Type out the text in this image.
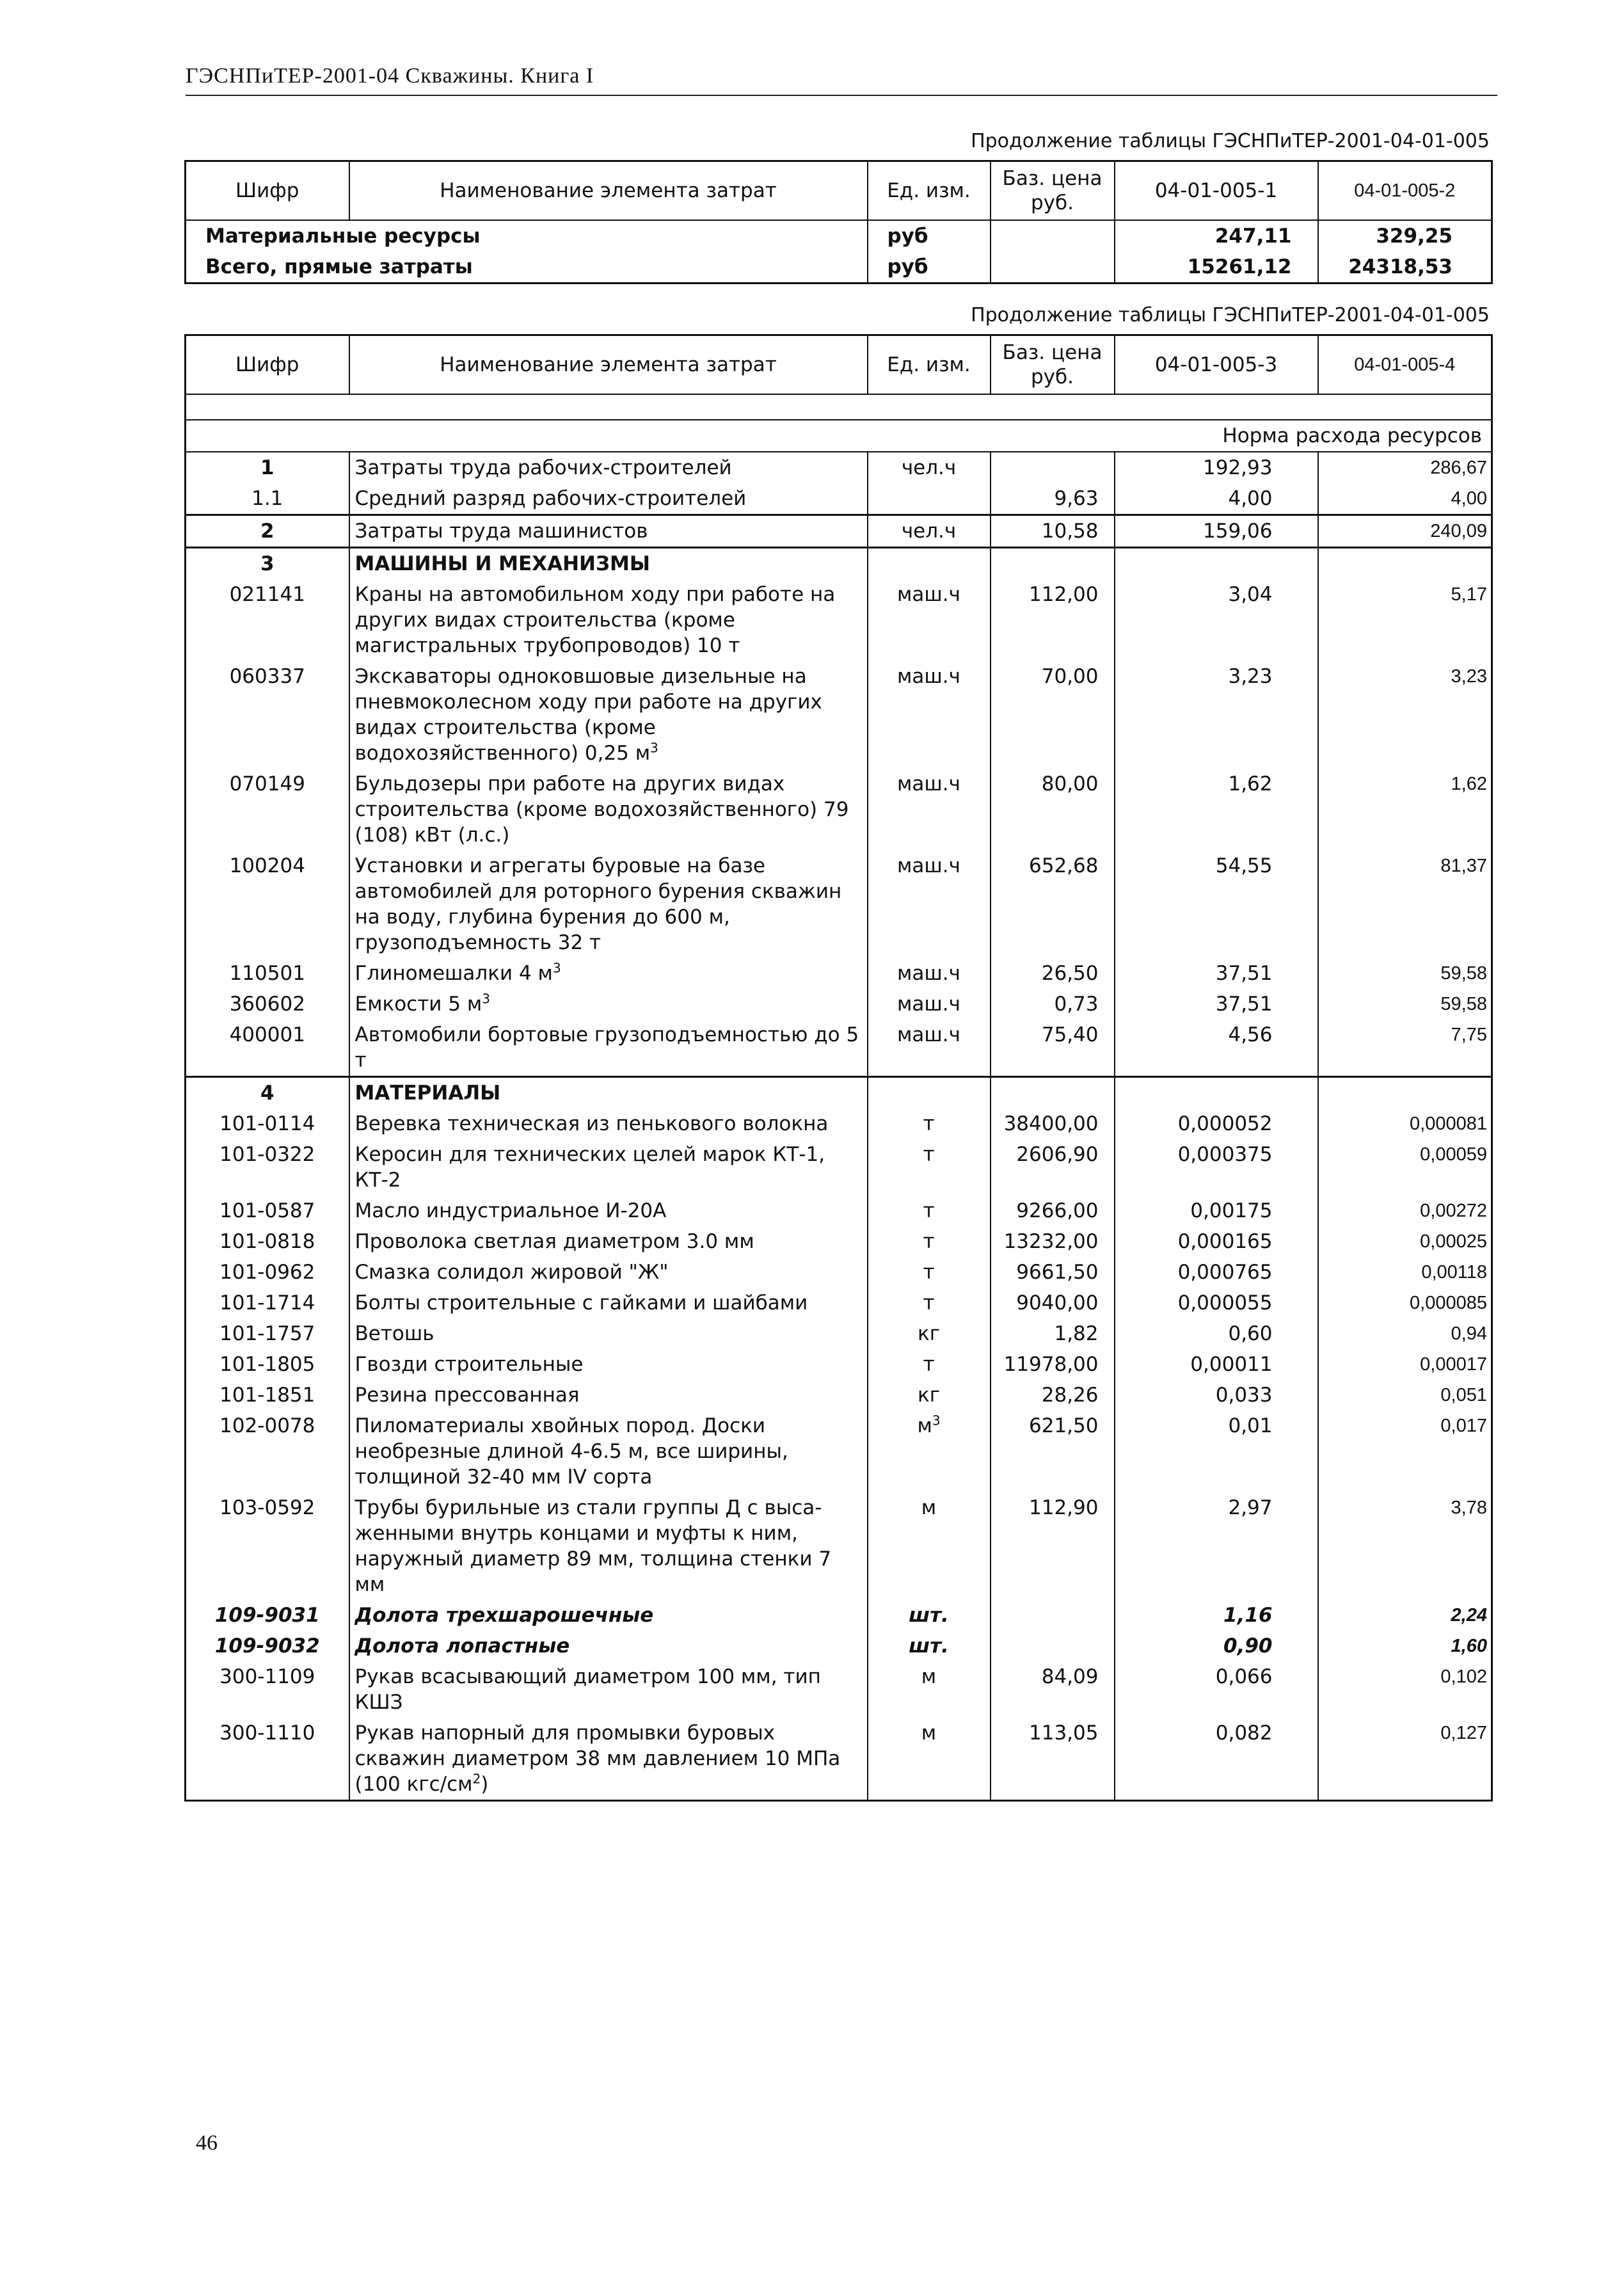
ГЭСНПиТЕР-2001-04 Скважины. Книга I
Продолжение таблицы ГЭСНПиТЕР-2001-04-01-005
Шифр	Наименование элемента затрат	Ед. изм.	Баз. цена руб.	04-01-005-1	04-01-005-2
Материальные ресурсы		руб		247,11	329,25
Всего, прямые затраты		руб		15261,12	24318,53
Продолжение таблицы ГЭСНПиТЕР-2001-04-01-005
Шифр	Наименование элемента затрат	Ед. изм.	Баз. цена руб.	04-01-005-3	04-01-005-4

Норма расхода ресурсов					
1	Затраты труда рабочих-строителей	чел.ч		192,93	286,67
1.1	Средний разряд рабочих-строителей		9,63	4,00	4,00
2	Затраты труда машинистов	чел.ч	10,58	159,06	240,09
3	МАШИНЫ И МЕХАНИЗМЫ				
021141	Краны на автомобильном ходу при работе на других видах строительства (кроме магистральных трубопроводов) 10 т	маш.ч	112,00	3,04	5,17
060337	Экскаваторы одноковшовые дизельные на пневмоколесном ходу при работе на других видах строительства (кроме водохозяйственного) 0,25 $м^3$	маш.ч	70,00	3,23	3,23
070149	Бульдозеры при работе на других видах строительства (кроме водохозяйственного) 79 (108) кВт (л.с.)	маш.ч	80,00	1,62	1,62
100204	Установки и агрегаты буровые на базе автомобилей для роторного бурения скважин на воду, глубина бурения до 600 м, грузоподъемность 32 т	маш.ч	652,68	54,55	81,37
110501	Глиномешалки 4 $м^3$	маш.ч	26,50	37,51	59,58
360602	Емкости 5 $м^3$	маш.ч	0,73	37,51	59,58
400001	Автомобили бортовые грузоподъемностью до 5 т	маш.ч	75,40	4,56	7,75
4	МАТЕРИАЛЫ				
101-0114	Веревка техническая из пенькового волокна	т	38400,00	0,000052	0,000081
101-0322	Керосин для технических целей марок КТ-1, КТ-2	т	2606,90	0,000375	0,00059
101-0587	Масло индустриальное И-20А	т	9266,00	0,00175	0,00272
101-0818	Проволока светлая диаметром 3.0 мм	т	13232,00	0,000165	0,00025
101-0962	Смазка солидол жировой "Ж"	т	9661,50	0,000765	0,00118
101-1714	Болты строительные с гайками и шайбами	т	9040,00	0,000055	0,000085
101-1757	Ветошь	кг	1,82	0,60	0,94
101-1805	Гвозди строительные	т	11978,00	0,00011	0,00017
101-1851	Резина прессованная	кг	28,26	0,033	0,051
102-0078	Пиломатериалы хвойных пород. Доски необрезные длиной 4-6.5 м, все ширины, толщиной 32-40 мм IV сорта	$м^3$	621,50	0,01	0,017
103-0592	Трубы бурильные из стали группы Д с выса-женными внутрь концами и муфты к ним, наружный диаметр 89 мм, толщина стенки 7 мм	м	112,90	2,97	3,78
109-9031	Долота трехшарошечные	шт.		1,16	2,24
109-9032	Долота лопастные	шт.		0,90	1,60
300-1109	Рукав всасывающий диаметром 100 мм, тип КШЗ	м	84,09	0,066	0,102
300-1110	Рукав напорный для промывки буровых скважин диаметром 38 мм давлением 10 МПа (100 кгс/$см^2$)	м	113,05	0,082	0,127
46
